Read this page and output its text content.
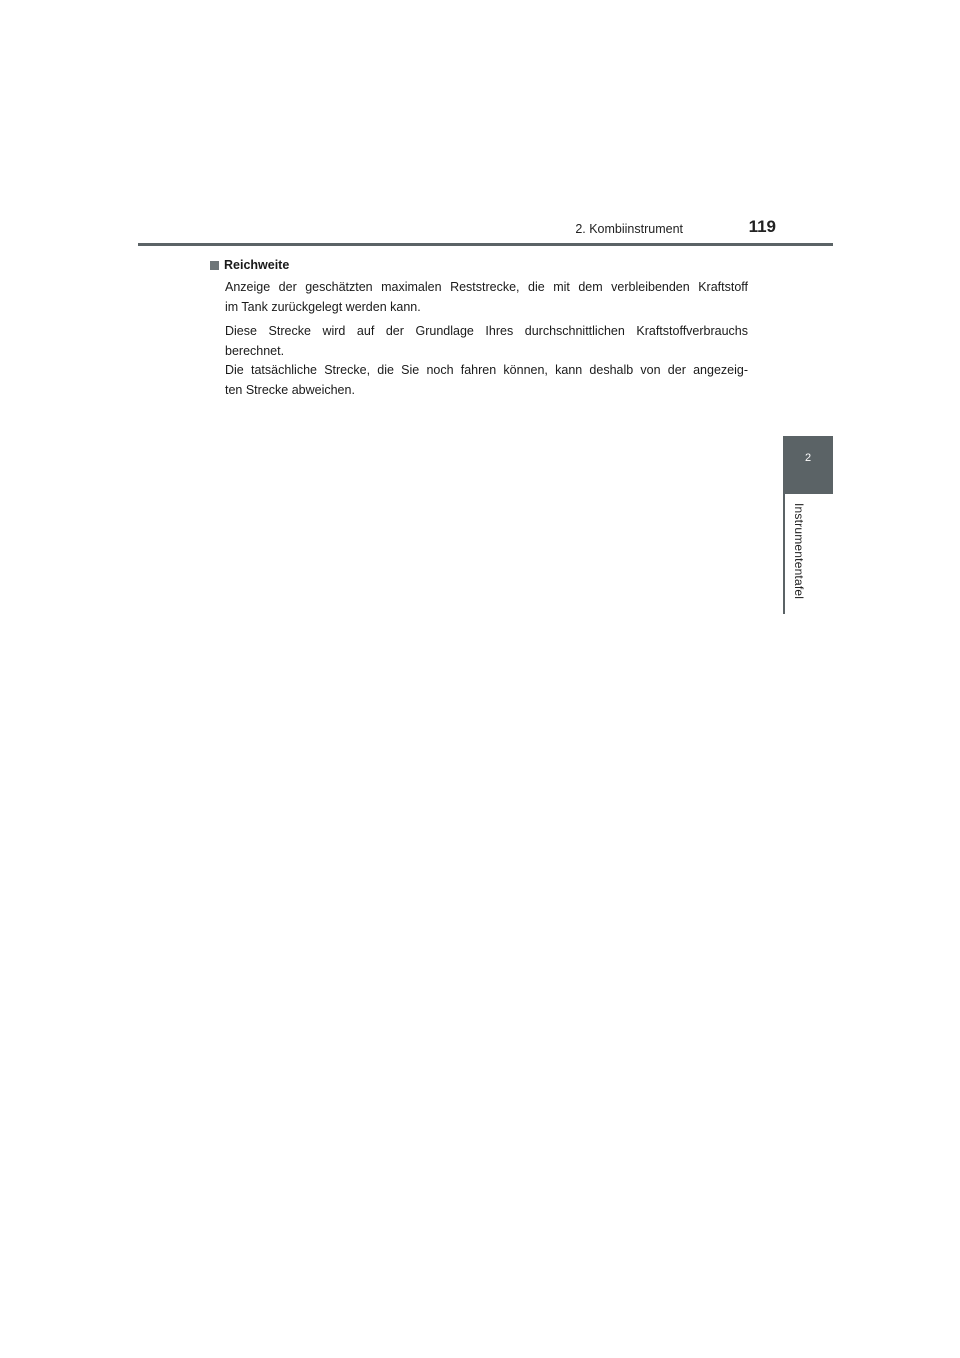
2. Kombiinstrument	119
Reichweite

Anzeige der geschätzten maximalen Reststrecke, die mit dem verbleibenden Kraftstoff
im Tank zurückgelegt werden kann.

Diese Strecke wird auf der Grundlage Ihres durchschnittlichen Kraftstoffverbrauchs
berechnet.
Die tatsächliche Strecke, die Sie noch fahren können, kann deshalb von der angezeig-
ten Strecke abweichen.

2
Instrumententafel
